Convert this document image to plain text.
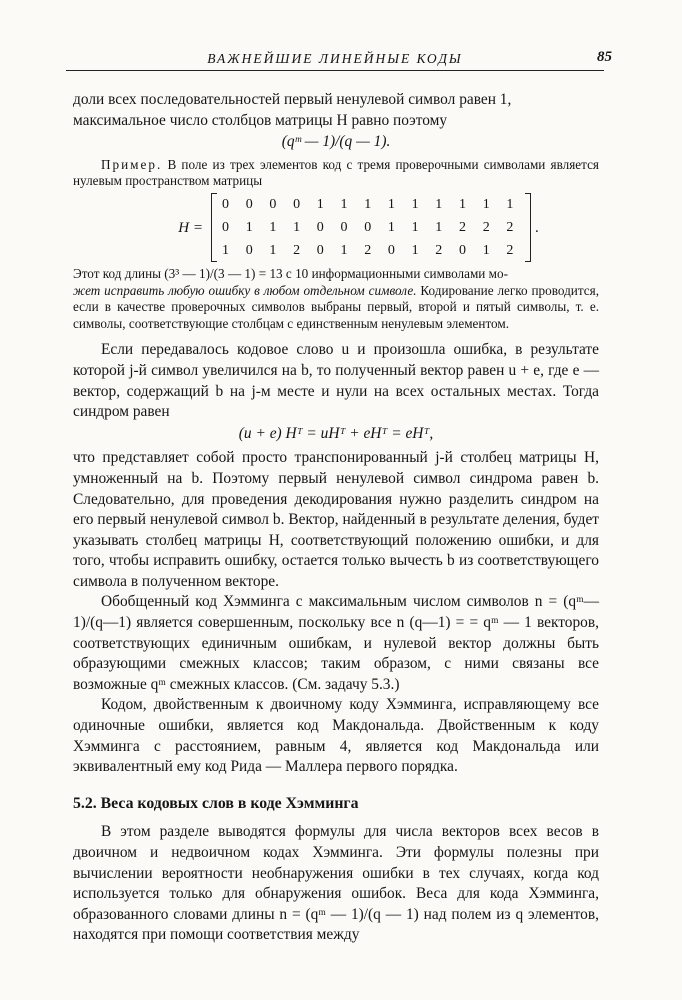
ВАЖНЕЙШИЕ ЛИНЕЙНЫЕ КОДЫ	85

доли всех последовательностей первый ненулевой символ равен 1,

максимальное число столбцов матрицы H равно поэтому

(qᵐ — 1)/(q — 1).

Пример. В поле из трех элементов код с тремя проверочными символами является нулевым пространством матрицы

H =
0 0 0 0 1 1 1 1 1 1 1 1 1
0 1 1 1 0 0 0 1 1 1 2 2 2
1 0 1 2 0 1 2 0 1 2 0 1 2
.

Этот код длины (3³ — 1)/(3 — 1) = 13 с 10 информационными символами мо-

жет исправить любую ошибку в любом отдельном символе. Кодирование легко проводится, если в качестве проверочных символов выбраны первый, второй и пятый символы, т. е. символы, соответствующие столбцам с единственным ненулевым элементом.

Если передавалось кодовое слово u и произошла ошибка, в результате которой j-й символ увеличился на b, то полученный вектор равен u + e, где e — вектор, содержащий b на j-м месте и нули на всех остальных местах. Тогда синдром равен

(u + e) Hᵀ = uHᵀ + eHᵀ = eHᵀ,

что представляет собой просто транспонированный j-й столбец матрицы H, умноженный на b. Поэтому первый ненулевой символ синдрома равен b. Следовательно, для проведения декодирования нужно разделить синдром на его первый ненулевой символ b. Вектор, найденный в результате деления, будет указывать столбец матрицы H, соответствующий положению ошибки, и для того, чтобы исправить ошибку, остается только вычесть b из соответствующего символа в полученном векторе.

Обобщенный код Хэмминга с максимальным числом символов n = (qᵐ—1)/(q—1) является совершенным, поскольку все n (q—1) = = qᵐ — 1 векторов, соответствующих единичным ошибкам, и нулевой вектор должны быть образующими смежных классов; таким образом, с ними связаны все возможные qᵐ смежных классов. (См. задачу 5.3.)

Кодом, двойственным к двоичному коду Хэмминга, исправляющему все одиночные ошибки, является код Макдональда. Двойственным к коду Хэмминга с расстоянием, равным 4, является код Макдональда или эквивалентный ему код Рида — Маллера первого порядка.

5.2. Веса кодовых слов в коде Хэмминга

В этом разделе выводятся формулы для числа векторов всех весов в двоичном и недвоичном кодах Хэмминга. Эти формулы полезны при вычислении вероятности необнаружения ошибки в тех случаях, когда код используется только для обнаружения ошибок. Веса для кода Хэмминга, образованного словами длины n = (qᵐ — 1)/(q — 1) над полем из q элементов, находятся при помощи соответствия между
